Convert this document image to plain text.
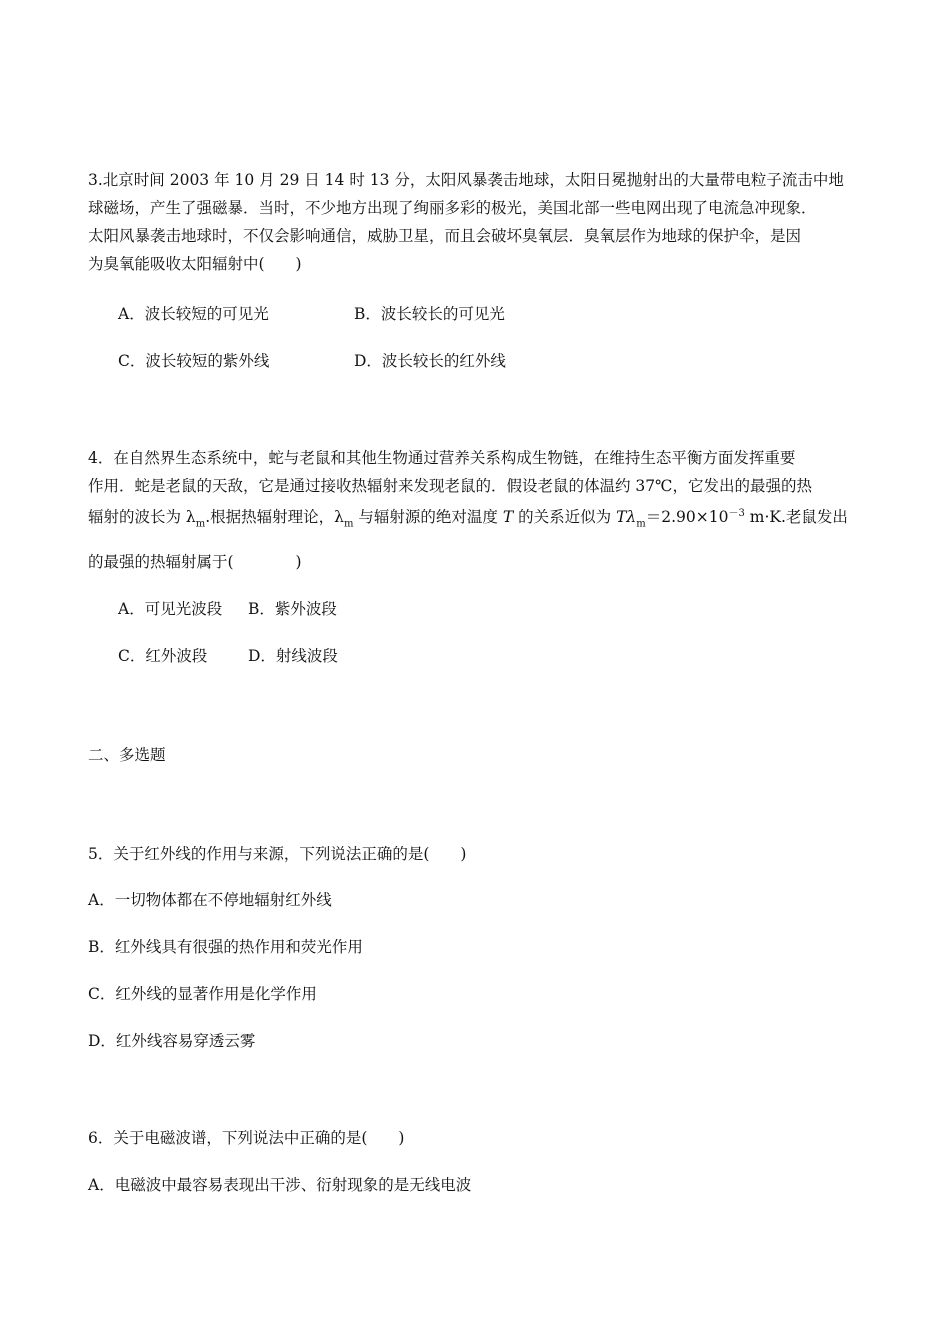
3.北京时间 2003 年 10 月 29 日 14 时 13 分，太阳风暴袭击地球，太阳日冕抛射出的大量带电粒子流击中地
球磁场，产生了强磁暴．当时，不少地方出现了绚丽多彩的极光，美国北部一些电网出现了电流急冲现象．
太阳风暴袭击地球时，不仅会影响通信，威胁卫星，而且会破坏臭氧层．臭氧层作为地球的保护伞，是因
为臭氧能吸收太阳辐射中(　　)
A．波长较短的可见光	B．波长较长的可见光
C．波长较短的紫外线	D．波长较长的红外线
4．在自然界生态系统中，蛇与老鼠和其他生物通过营养关系构成生物链，在维持生态平衡方面发挥重要
作用．蛇是老鼠的天敌，它是通过接收热辐射来发现老鼠的．假设老鼠的体温约 37℃，它发出的最强的热
辐射的波长为 $\lambda_m$.根据热辐射理论，$\lambda_m$ 与辐射源的绝对温度 T 的关系近似为 $T\lambda_m=2.90\times 10^{-3}$ m·K.老鼠发出
的最强的热辐射属于(　　　　)
A．可见光波段 B．紫外波段
C．红外波段	D．射线波段
二、多选题
5．关于红外线的作用与来源，下列说法正确的是(　　)
A．一切物体都在不停地辐射红外线
B．红外线具有很强的热作用和荧光作用
C．红外线的显著作用是化学作用
D．红外线容易穿透云雾
6．关于电磁波谱，下列说法中正确的是(　　)
A．电磁波中最容易表现出干涉、衍射现象的是无线电波
